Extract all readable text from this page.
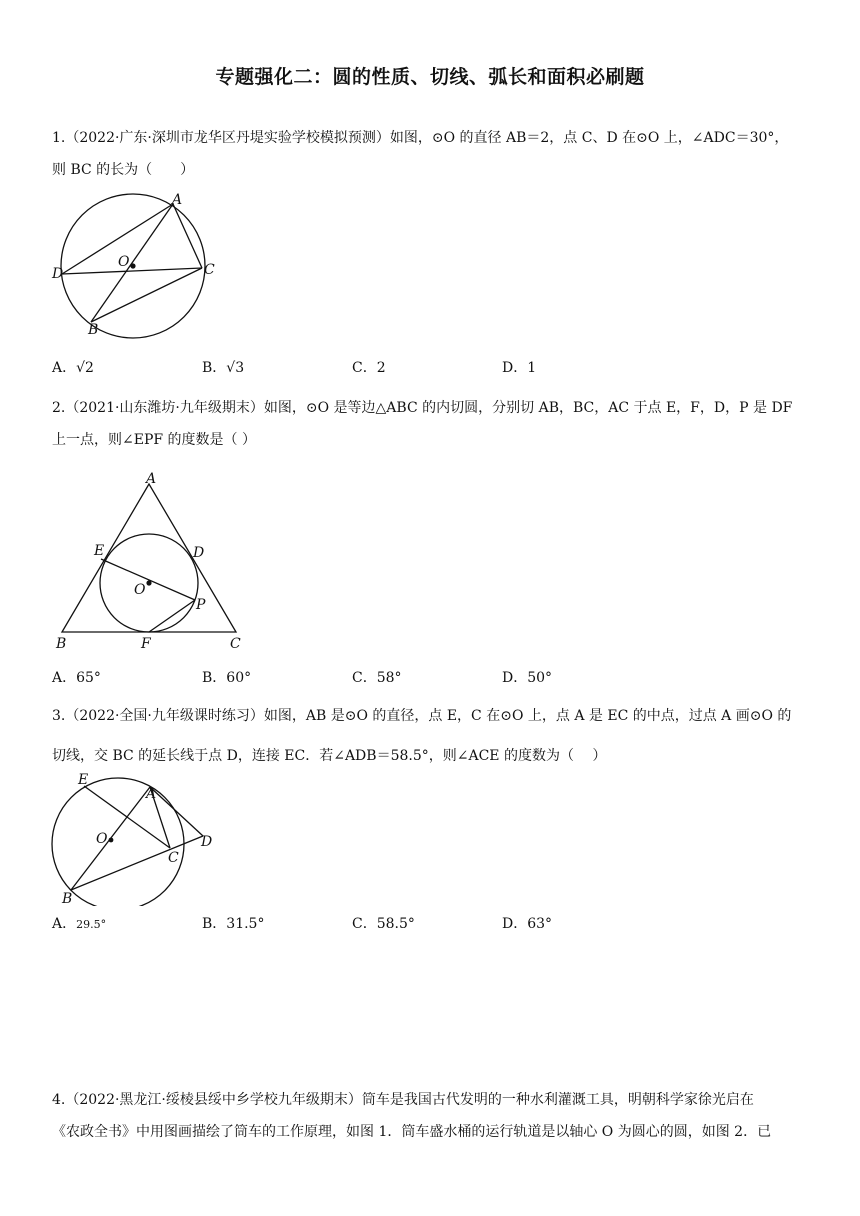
专题强化二：圆的性质、切线、弧长和面积必刷题
1.（2022·广东·深圳市龙华区丹堤实验学校模拟预测）如图，⊙O 的直径 AB＝2，点 C、D 在⊙O 上，∠ADC＝30°，
则 BC 的长为（　　）
A
B
C
D
O
A．√2	B．√3	C．2	D．1
2.（2021·山东潍坊·九年级期末）如图，⊙O 是等边△ABC 的内切圆，分别切 AB，BC，AC 于点 E，F，D，P 是 DF
上一点，则∠EPF 的度数是（ ）
A
B	C
D
E
F
O
P
A．65°	B．60°	C．58°	D．50°
3.（2022·全国·九年级课时练习）如图，AB 是⊙O 的直径，点 E，C 在⊙O 上，点 A 是 EC 的中点，过点 A 画⊙O 的
切线，交 BC 的延长线于点 D，连接 EC．若∠ADB＝58.5°，则∠ACE 的度数为（　 ）
A
B
C
D
E
O
A．29.5°	B．31.5°	C．58.5°	D．63°
4.（2022·黑龙江·绥棱县绥中乡学校九年级期末）筒车是我国古代发明的一种水利灌溉工具，明朝科学家徐光启在
《农政全书》中用图画描绘了筒车的工作原理，如图 1．筒车盛水桶的运行轨道是以轴心 O 为圆心的圆，如图 2．已
